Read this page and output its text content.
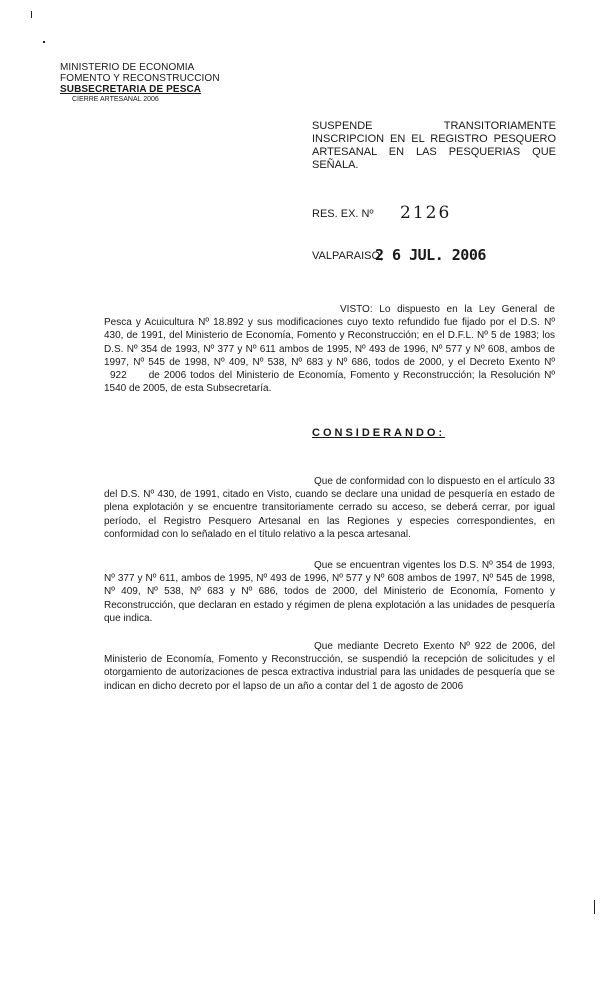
MINISTERIO DE ECONOMIA
FOMENTO Y RECONSTRUCCION
SUBSECRETARIA DE PESCA
CIERRE ARTESANAL 2006

SUSPENDE TRANSITORIAMENTE INSCRIPCION EN EL REGISTRO PESQUERO ARTESANAL EN LAS PESQUERIAS QUE SEÑALA.

RES. EX. Nº 2126
VALPARAISO,
2 6 JUL. 2006

VISTO: Lo dispuesto en la Ley General de Pesca y Acuicultura Nº 18.892 y sus modificaciones cuyo texto refundido fue fijado por el D.S. Nº 430, de 1991, del Ministerio de Economía, Fomento y Reconstrucción; en el D.F.L. Nº 5 de 1983; los D.S. Nº 354 de 1993, Nº 377 y Nº 611 ambos de 1995, Nº 493 de 1996, Nº 577 y Nº 608, ambos de 1997, Nº 545 de 1998, Nº 409, Nº 538, Nº 683 y Nº 686, todos de 2000, y el Decreto Exento Nº 922 de 2006 todos del Ministerio de Economía, Fomento y Reconstrucción; la Resolución Nº 1540 de 2005, de esta Subsecretaría.

CONSIDERANDO:

Que de conformidad con lo dispuesto en el artículo 33 del D.S. Nº 430, de 1991, citado en Visto, cuando se declare una unidad de pesquería en estado de plena explotación y se encuentre transitoriamente cerrado su acceso, se deberá cerrar, por igual período, el Registro Pesquero Artesanal en las Regiones y especies correspondientes, en conformidad con lo señalado en el título relativo a la pesca artesanal.

Que se encuentran vigentes los D.S. Nº 354 de 1993, Nº 377 y Nº 611, ambos de 1995, Nº 493 de 1996, Nº 577 y Nº 608 ambos de 1997, Nº 545 de 1998, Nº 409, Nº 538, Nº 683 y Nº 686, todos de 2000, del Ministerio de Economía, Fomento y Reconstrucción, que declaran en estado y régimen de plena explotación a las unidades de pesquería que indica.

Que mediante Decreto Exento Nº 922 de 2006, del Ministerio de Economía, Fomento y Reconstrucción, se suspendió la recepción de solicitudes y el otorgamiento de autorizaciones de pesca extractiva industrial para las unidades de pesquería que se indican en dicho decreto por el lapso de un año a contar del 1 de agosto de 2006
